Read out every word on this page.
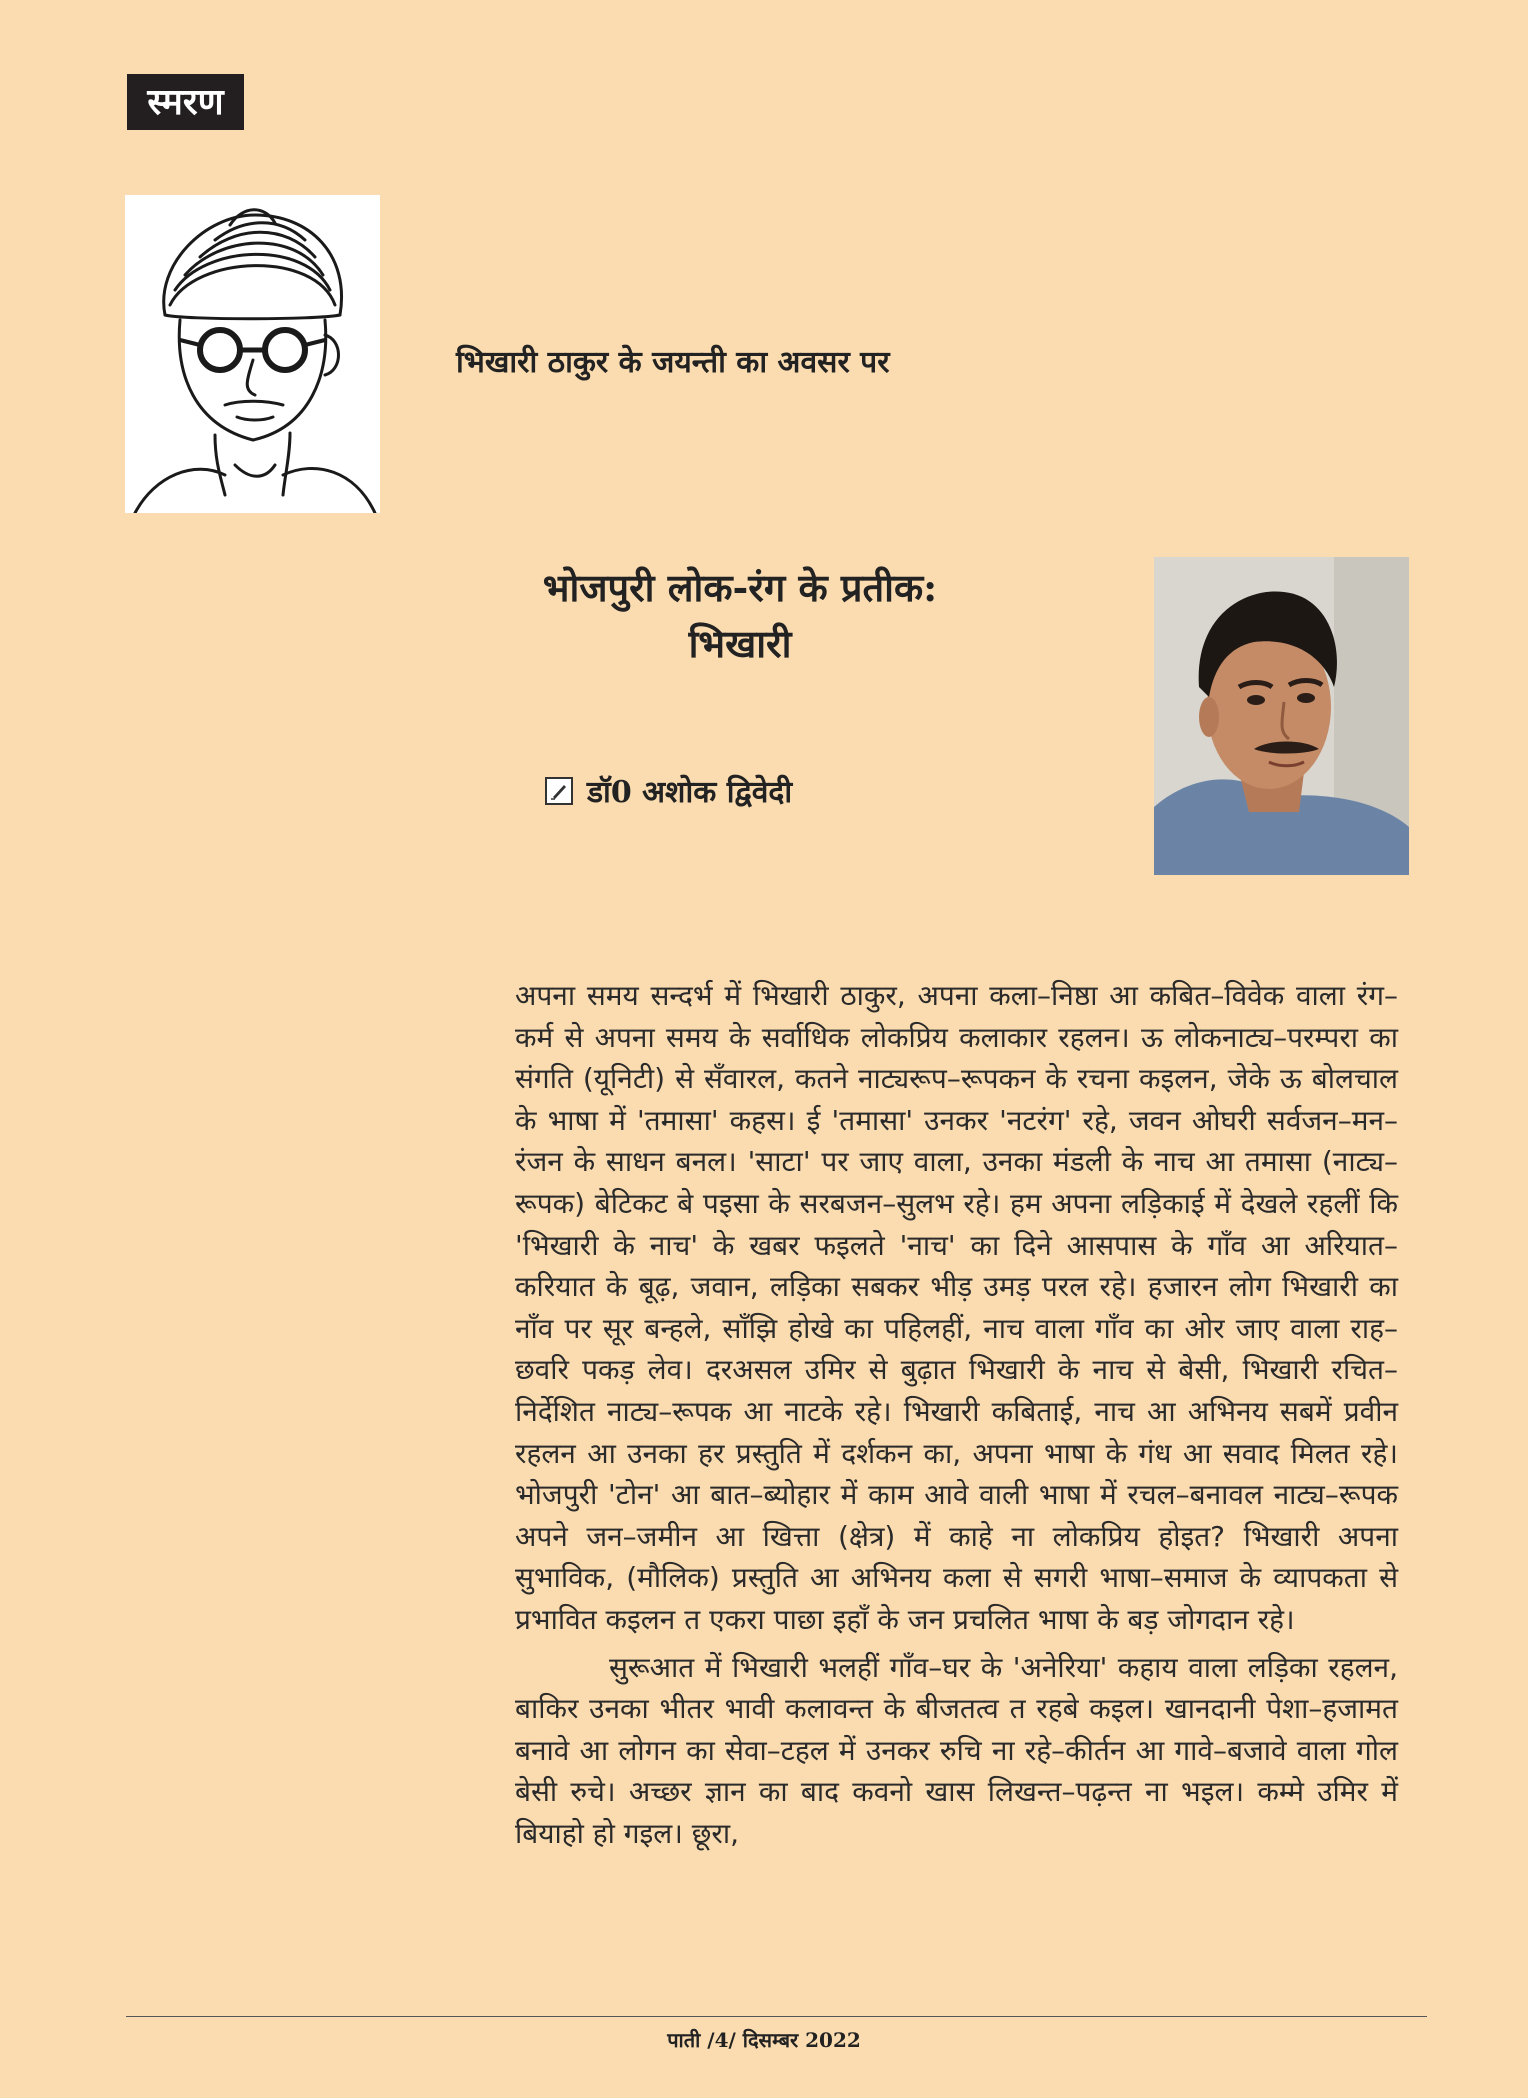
स्मरण
भिखारी ठाकुर के जयन्ती का अवसर पर
भोजपुरी लोक-रंग के प्रतीक:
भिखारी
डॉ0 अशोक द्विवेदी

अपना समय सन्दर्भ में भिखारी ठाकुर, अपना कला–निष्ठा आ कबित–विवेक वाला रंग–कर्म से अपना समय के सर्वाधिक लोकप्रिय कलाकार रहलन। ऊ लोकनाट्य–परम्परा का संगति (यूनिटी) से सँवारल, कतने नाट्यरूप–रूपकन के रचना कइलन, जेके ऊ बोलचाल के भाषा में 'तमासा' कहस। ई 'तमासा' उनकर 'नटरंग' रहे, जवन ओघरी सर्वजन–मन–रंजन के साधन बनल। 'साटा' पर जाए वाला, उनका मंडली के नाच आ तमासा (नाट्य–रूपक) बेटिकट बे पइसा के सरबजन–सुलभ रहे। हम अपना लड़िकाई में देखले रहलीं कि 'भिखारी के नाच' के खबर फइलते 'नाच' का दिने आसपास के गाँव आ अरियात–करियात के बूढ़, जवान, लड़िका सबकर भीड़ उमड़ परल रहे। हजारन लोग भिखारी का नाँव पर सूर बन्हले, साँझि होखे का पहिलहीं, नाच वाला गाँव का ओर जाए वाला राह–छवरि पकड़ लेव। दरअसल उमिर से बुढ़ात भिखारी के नाच से बेसी, भिखारी रचित–निर्देशित नाट्य–रूपक आ नाटके रहे। भिखारी कबिताई, नाच आ अभिनय सबमें प्रवीन रहलन आ उनका हर प्रस्तुति में दर्शकन का, अपना भाषा के गंध आ सवाद मिलत रहे। भोजपुरी 'टोन' आ बात–ब्योहार में काम आवे वाली भाषा में रचल–बनावल नाट्य–रूपक अपने जन–जमीन आ खित्ता (क्षेत्र) में काहे ना लोकप्रिय होइत? भिखारी अपना सुभाविक, (मौलिक) प्रस्तुति आ अभिनय कला से सगरी भाषा–समाज के व्यापकता से प्रभावित कइलन त एकरा पाछा इहाँ के जन प्रचलित भाषा के बड़ जोगदान रहे।

सुरूआत में भिखारी भलहीं गाँव–घर के 'अनेरिया' कहाय वाला लड़िका रहलन, बाकिर उनका भीतर भावी कलावन्त के बीजतत्व त रहबे कइल। खानदानी पेशा–हजामत बनावे आ लोगन का सेवा–टहल में उनकर रुचि ना रहे–कीर्तन आ गावे–बजावे वाला गोल बेसी रुचे। अच्छर ज्ञान का बाद कवनो खास लिखन्त–पढ़न्त ना भइल। कम्मे उमिर में बियाहो हो गइल। छूरा,

पाती /4/ दिसम्बर 2022
